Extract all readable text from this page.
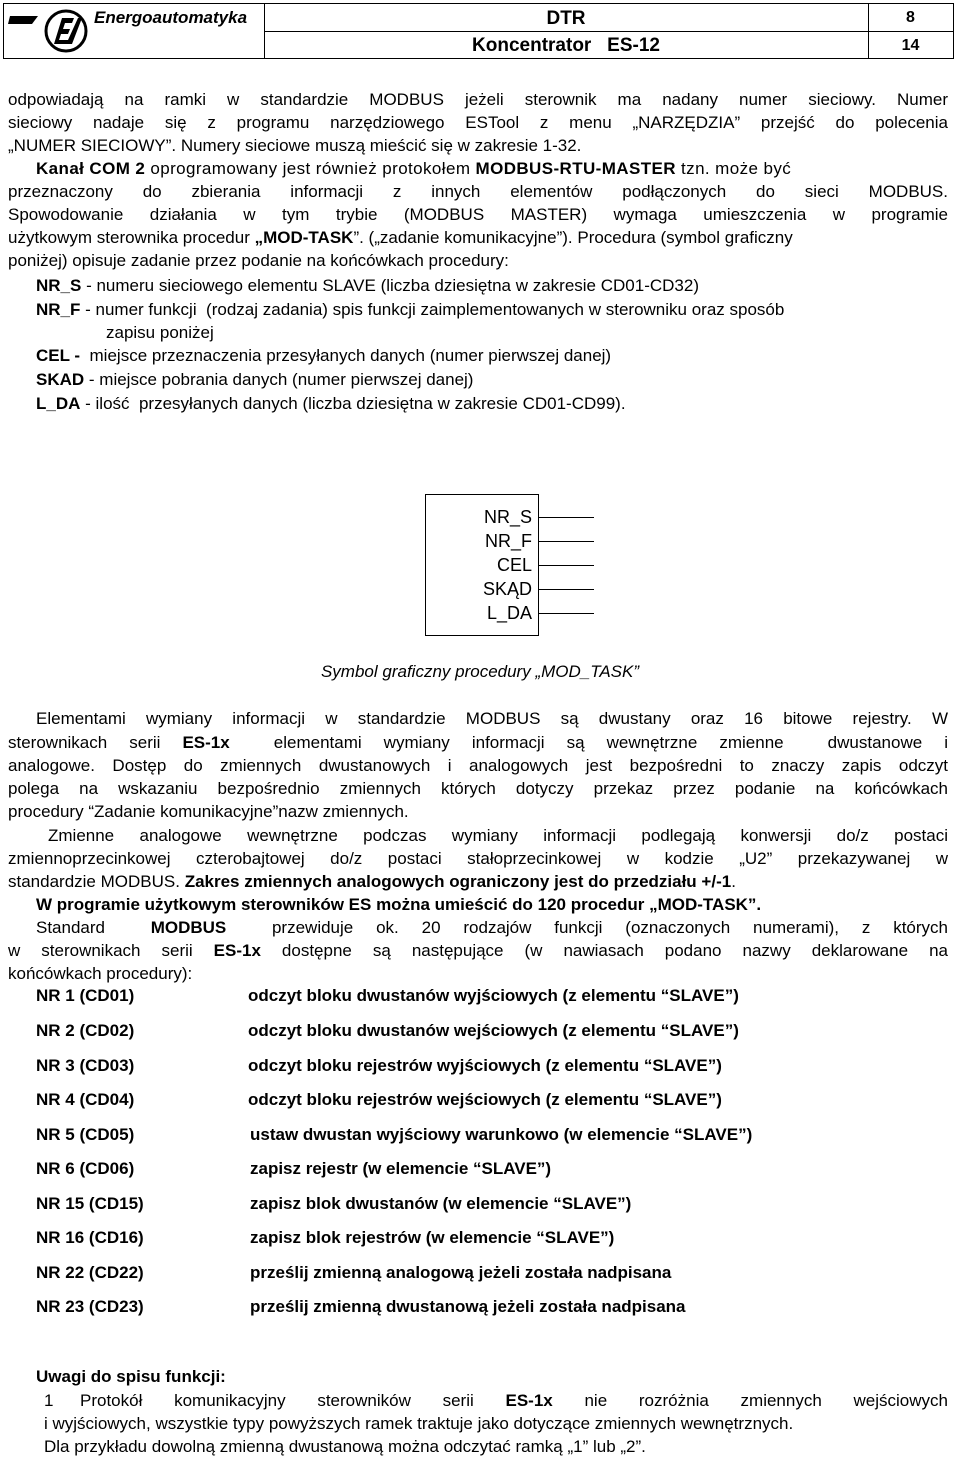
Energoautomatyka	DTR
Koncentrator   ES-12
8
14
odpowiadają na ramki w standardzie MODBUS jeżeli sterownik ma nadany numer sieciowy. Numer
sieciowy nadaje się z programu narzędziowego ESTool z menu „NARZĘDZIA” przejść do polecenia
„NUMER SIECIOWY”. Numery sieciowe muszą mieścić się w zakresie 1-32.
Kanał COM 2 oprogramowany jest również protokołem MODBUS-RTU-MASTER tzn. może być
przeznaczony do zbierania informacji z innych elementów podłączonych do sieci MODBUS.
Spowodowanie działania w tym trybie (MODBUS MASTER) wymaga umieszczenia w programie
użytkowym sterownika procedur „MOD-TASK”. („zadanie komunikacyjne”). Procedura (symbol graficzny
poniżej) opisuje zadanie przez podanie na końcówkach procedury:
NR_S - numeru sieciowego elementu SLAVE (liczba dziesiętna w zakresie CD01-CD32)
NR_F - numer funkcji  (rodzaj zadania) spis funkcji zaimplementowanych w sterowniku oraz sposób
zapisu poniżej
CEL -  miejsce przeznaczenia przesyłanych danych (numer pierwszej danej)
SKAD - miejsce pobrania danych (numer pierwszej danej)
L_DA - ilość  przesyłanych danych (liczba dziesiętna w zakresie CD01-CD99).
NR_S
NR_F
CEL
SKĄD
L_DA
Symbol graficzny procedury „MOD_TASK”
Elementami wymiany informacji w standardzie MODBUS są dwustany oraz 16 bitowe rejestry. W
sterownikach serii ES-1x  elementami wymiany informacji są wewnętrzne zmienne  dwustanowe i
analogowe. Dostęp do zmiennych dwustanowych i analogowych jest bezpośredni to znaczy zapis odczyt
polega na wskazaniu bezpośrednio zmiennych których dotyczy przekaz przez podanie na końcówkach
procedury “Zadanie komunikacyjne”nazw zmiennych.
Zmienne analogowe wewnętrzne podczas wymiany informacji podlegają konwersji do/z postaci
zmiennoprzecinkowej czterobajtowej do/z postaci stałoprzecinkowej w kodzie „U2” przekazywanej w
standardzie MODBUS. Zakres zmiennych analogowych ograniczony jest do przedziału +/-1.
W programie użytkowym sterowników ES można umieścić do 120 procedur „MOD-TASK”.
Standard  MODBUS  przewiduje ok. 20 rodzajów funkcji (oznaczonych numerami), z których
w sterownikach serii ES-1x dostępne są następujące (w nawiasach podano nazwy deklarowane na
końcówkach procedury):
NR 1 (CD01)	odczyt bloku dwustanów wyjściowych (z elementu “SLAVE”)
NR 2 (CD02)	odczyt bloku dwustanów wejściowych (z elementu “SLAVE”)
NR 3 (CD03)	odczyt bloku rejestrów wyjściowych (z elementu “SLAVE”)
NR 4 (CD04)	odczyt bloku rejestrów wejściowych (z elementu “SLAVE”)
NR 5 (CD05)	ustaw dwustan wyjściowy warunkowo (w elemencie “SLAVE”)
NR 6 (CD06)	zapisz rejestr (w elemencie “SLAVE”)
NR 15 (CD15)	zapisz blok dwustanów (w elemencie “SLAVE”)
NR 16 (CD16)	zapisz blok rejestrów (w elemencie “SLAVE”)
NR 22 (CD22)	prześlij zmienną analogową jeżeli została nadpisana
NR 23 (CD23)	prześlij zmienną dwustanową jeżeli została nadpisana
Uwagi do spisu funkcji:
1 Protokół komunikacyjny sterowników serii ES-1x nie rozróżnia zmiennych wejściowych
i wyjściowych, wszystkie typy powyższych ramek traktuje jako dotyczące zmiennych wewnętrznych.
Dla przykładu dowolną zmienną dwustanową można odczytać ramką „1” lub „2”.
